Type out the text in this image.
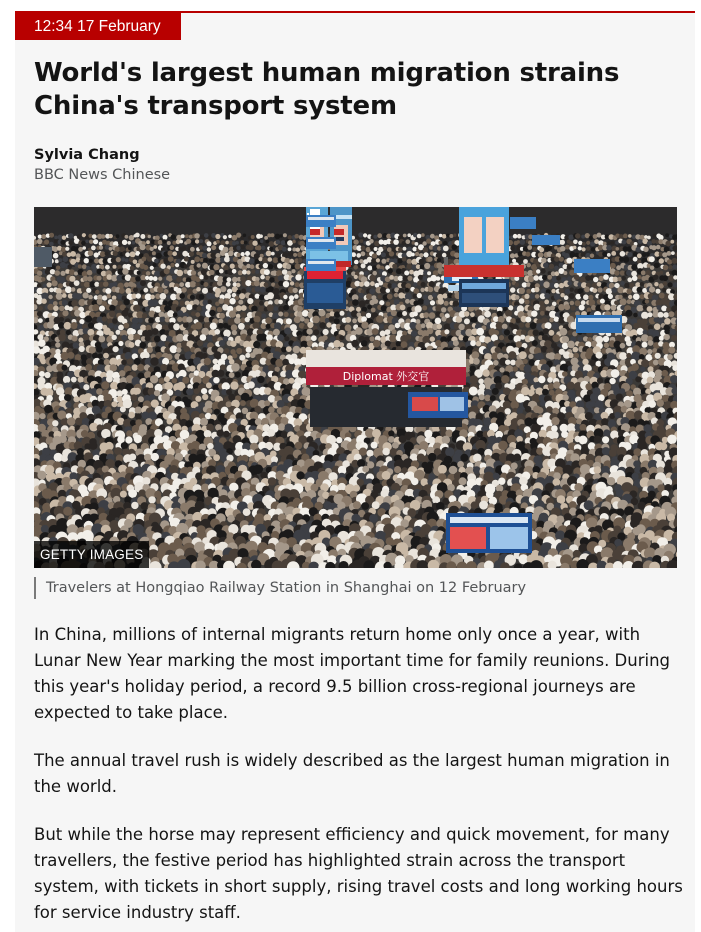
12:34 17 February
World's largest human migration strains China's transport system
Sylvia Chang
BBC News Chinese
Diplomat 外交官
GETTY IMAGES
Travelers at Hongqiao Railway Station in Shanghai on 12 February

In China, millions of internal migrants return home only once a year, with Lunar New Year marking the most important time for family reunions. During this year's holiday period, a record 9.5 billion cross-regional journeys are expected to take place.

The annual travel rush is widely described as the largest human migration in the world.

But while the horse may represent efficiency and quick movement, for many travellers, the festive period has highlighted strain across the transport system, with tickets in short supply, rising travel costs and long working hours for service industry staff.
